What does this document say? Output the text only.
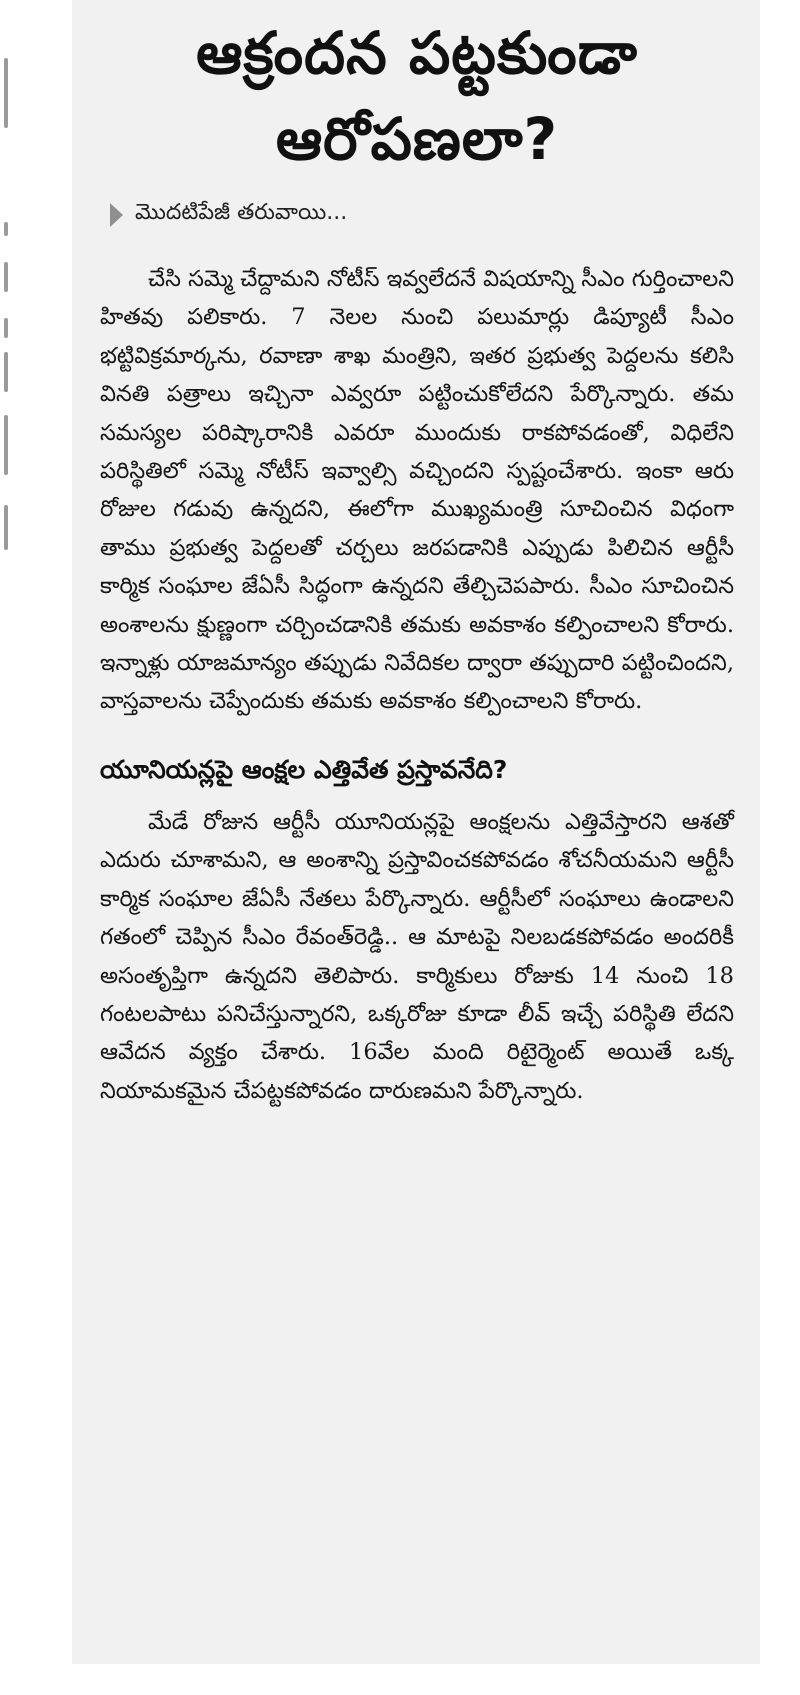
ఆక్రందన పట్టకుండా
ఆరోపణలా?
మొదటిపేజీ తరువాయి...

చేసి సమ్మె చేద్దామని నోటీస్ ఇవ్వలేదనే విషయాన్ని సీఎం గుర్తించాలని హితవు పలికారు. 7 నెలల నుంచి పలుమార్లు డిప్యూటీ సీఎం భట్టివిక్రమార్కను, రవాణా శాఖ మంత్రిని, ఇతర ప్రభుత్వ పెద్దలను కలిసి వినతి పత్రాలు ఇచ్చినా ఎవ్వరూ పట్టించుకోలేదని పేర్కొన్నారు. తమ సమస్యల పరిష్కారానికి ఎవరూ ముందుకు రాకపోవడంతో, విధిలేని పరిస్థితిలో సమ్మె నోటీస్ ఇవ్వాల్సి వచ్చిందని స్పష్టంచేశారు. ఇంకా ఆరు రోజుల గడువు ఉన్నదని, ఈలోగా ముఖ్యమంత్రి సూచించిన విధంగా తాము ప్రభుత్వ పెద్దలతో చర్చలు జరపడానికి ఎప్పుడు పిలిచిన ఆర్టీసీ కార్మిక సంఘాల జేఏసీ సిద్ధంగా ఉన్నదని తేల్చిచెపపారు. సీఎం సూచించిన అంశాలను క్షుణ్ణంగా చర్చించడానికి తమకు అవకాశం కల్పించాలని కోరారు. ఇన్నాళ్లు యాజమాన్యం తప్పుడు నివేదికల ద్వారా తప్పుదారి పట్టించిందని, వాస్తవాలను చెప్పేందుకు తమకు అవకాశం కల్పించాలని కోరారు.

యూనియన్లపై ఆంక్షల ఎత్తివేత ప్రస్తావనేది?

మేడే రోజున ఆర్టీసీ యూనియన్లపై ఆంక్షలను ఎత్తివేస్తారని ఆశతో ఎదురు చూశామని, ఆ అంశాన్ని ప్రస్తావించకపోవడం శోచనీయమని ఆర్టీసీ కార్మిక సంఘాల జేఏసీ నేతలు పేర్కొన్నారు. ఆర్టీసీలో సంఘాలు ఉండాలని గతంలో చెప్పిన సీఎం రేవంత్‌రెడ్డి.. ఆ మాటపై నిలబడకపోవడం అందరికీ అసంతృప్తిగా ఉన్నదని తెలిపారు. కార్మికులు రోజుకు 14 నుంచి 18 గంటలపాటు పనిచేస్తున్నారని, ఒక్కరోజు కూడా లీవ్ ఇచ్చే పరిస్థితి లేదని ఆవేదన వ్యక్తం చేశారు. 16వేల మంది రిటైర్మెంట్ అయితే ఒక్క నియామకమైన చేపట్టకపోవడం దారుణమని పేర్కొన్నారు.
